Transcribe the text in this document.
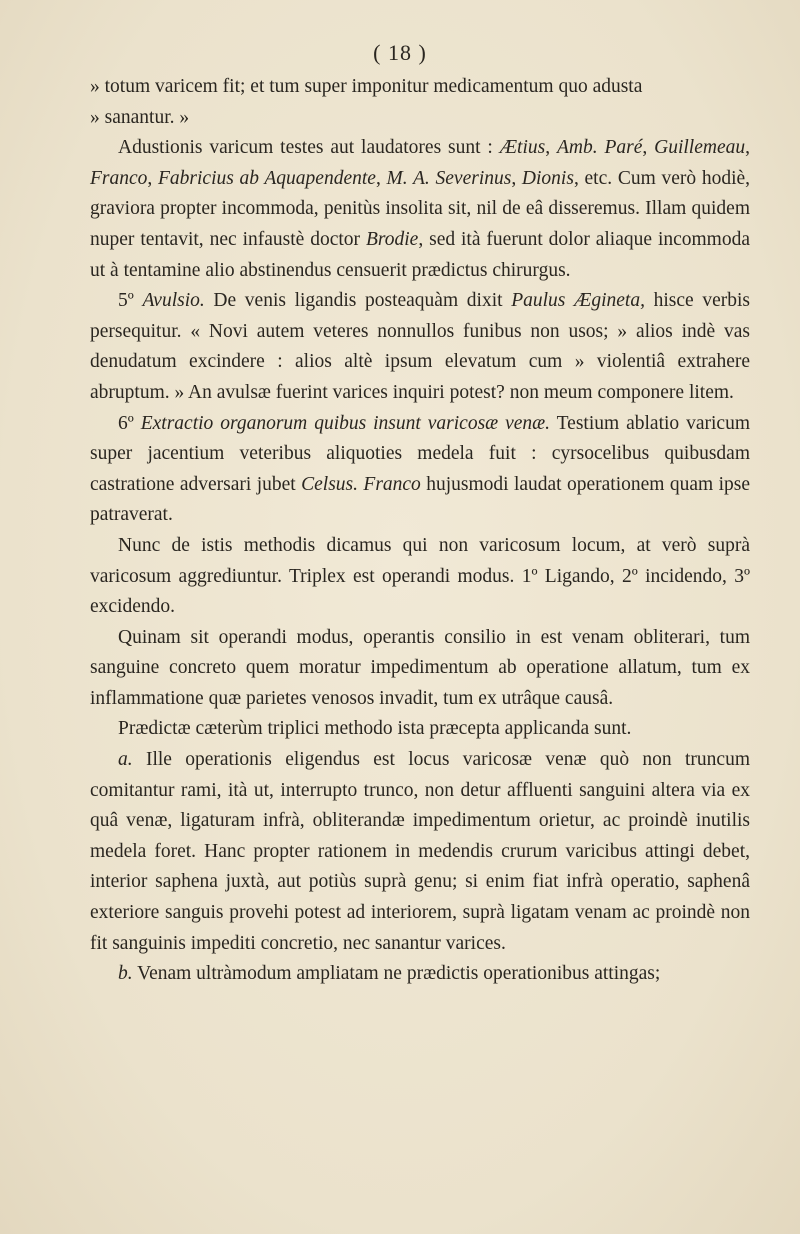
( 18 )

» totum varicem fit; et tum super imponitur medicamentum quo adusta
» sanantur. »

Adustionis varicum testes aut laudatores sunt : Ætius, Amb. Paré, Guillemeau, Franco, Fabricius ab Aquapendente, M. A. Severinus, Dionis, etc. Cum verò hodiè, graviora propter incommoda, penitùs insolita sit, nil de eâ disseremus. Illam quidem nuper tentavit, nec infaustè doctor Brodie, sed ità fuerunt dolor aliaque incommoda ut à tentamine alio abstinendus censuerit prædictus chirurgus.

5º Avulsio. De venis ligandis posteaquàm dixit Paulus Ægineta, hisce verbis persequitur. « Novi autem veteres nonnullos funibus non usos; » alios indè vas denudatum excindere : alios altè ipsum elevatum cum » violentiâ extrahere abruptum. » An avulsæ fuerint varices inquiri potest? non meum componere litem.

6º Extractio organorum quibus insunt varicosæ venæ. Testium ablatio varicum super jacentium veteribus aliquoties medela fuit : cyrsocelibus quibusdam castratione adversari jubet Celsus. Franco hujusmodi laudat operationem quam ipse patraverat.

Nunc de istis methodis dicamus qui non varicosum locum, at verò suprà varicosum aggrediuntur. Triplex est operandi modus. 1º Ligando, 2º incidendo, 3º excidendo.

Quinam sit operandi modus, operantis consilio in est venam obliterari, tum sanguine concreto quem moratur impedimentum ab operatione allatum, tum ex inflammatione quæ parietes venosos invadit, tum ex utrâque causâ.

Prædictæ cæterùm triplici methodo ista præcepta applicanda sunt.

a. Ille operationis eligendus est locus varicosæ venæ quò non truncum comitantur rami, ità ut, interrupto trunco, non detur affluenti sanguini altera via ex quâ venæ, ligaturam infrà, obliterandæ impedimentum orietur, ac proindè inutilis medela foret. Hanc propter rationem in medendis crurum varicibus attingi debet, interior saphena juxtà, aut potiùs suprà genu; si enim fiat infrà operatio, saphenâ exteriore sanguis provehi potest ad interiorem, suprà ligatam venam ac proindè non fit sanguinis impediti concretio, nec sanantur varices.

b. Venam ultràmodum ampliatam ne prædictis operationibus attingas;
